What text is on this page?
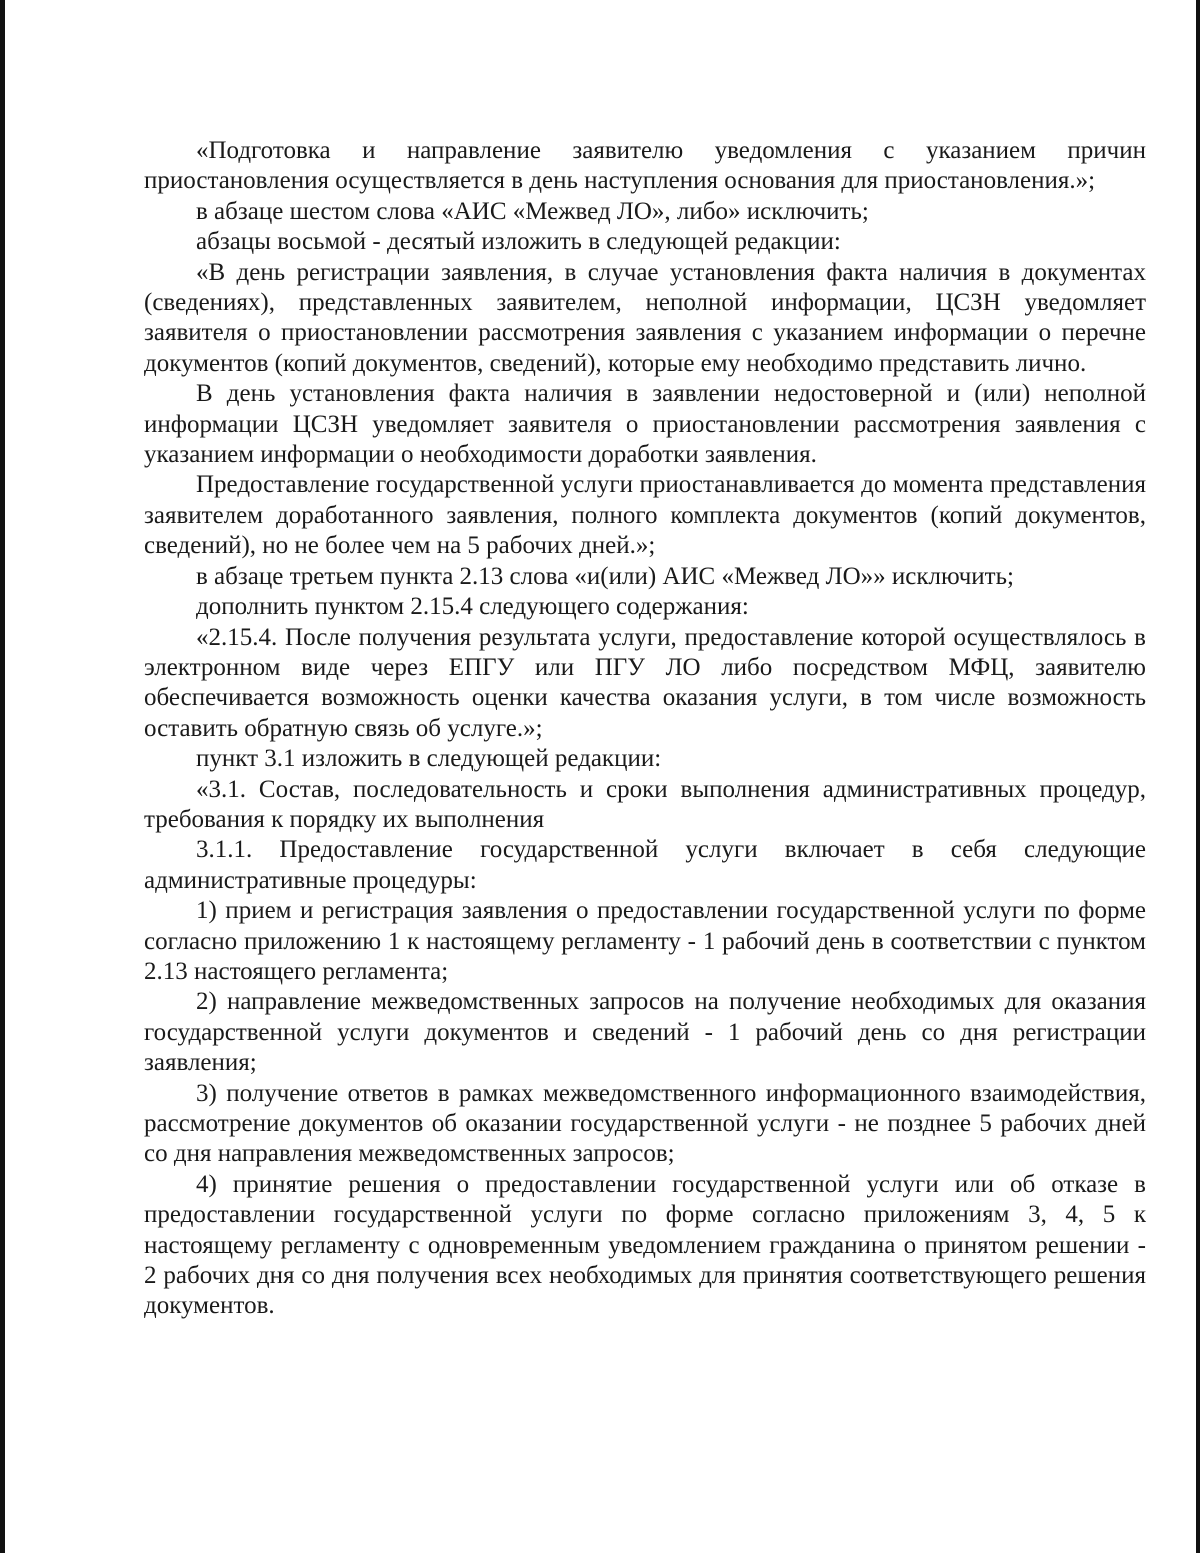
«Подготовка и направление заявителю уведомления с указанием причин приостановления осуществляется в день наступления основания для приостановления.»;

в абзаце шестом слова «АИС «Межвед ЛО», либо» исключить;

абзацы восьмой - десятый изложить в следующей редакции:

«В день регистрации заявления, в случае установления факта наличия в документах (сведениях), представленных заявителем, неполной информации, ЦСЗН уведомляет заявителя о приостановлении рассмотрения заявления с указанием информации о перечне документов (копий документов, сведений), которые ему необходимо представить лично.

В день установления факта наличия в заявлении недостоверной и (или) неполной информации ЦСЗН уведомляет заявителя о приостановлении рассмотрения заявления с указанием информации о необходимости доработки заявления.

Предоставление государственной услуги приостанавливается до момента представления заявителем доработанного заявления, полного комплекта документов (копий документов, сведений), но не более чем на 5 рабочих дней.»;

в абзаце третьем пункта 2.13 слова «и(или) АИС «Межвед ЛО»» исключить;

дополнить пунктом 2.15.4 следующего содержания:

«2.15.4. После получения результата услуги, предоставление которой осуществлялось в электронном виде через ЕПГУ или ПГУ ЛО либо посредством МФЦ, заявителю обеспечивается возможность оценки качества оказания услуги, в том числе возможность оставить обратную связь об услуге.»;

пункт 3.1 изложить в следующей редакции:

«3.1. Состав, последовательность и сроки выполнения административных процедур, требования к порядку их выполнения

3.1.1. Предоставление государственной услуги включает в себя следующие административные процедуры:

1) прием и регистрация заявления о предоставлении государственной услуги по форме согласно приложению 1 к настоящему регламенту - 1 рабочий день в соответствии с пунктом 2.13 настоящего регламента;

2) направление межведомственных запросов на получение необходимых для оказания государственной услуги документов и сведений - 1 рабочий день со дня регистрации заявления;

3) получение ответов в рамках межведомственного информационного взаимодействия, рассмотрение документов об оказании государственной услуги - не позднее 5 рабочих дней со дня направления межведомственных запросов;

4) принятие решения о предоставлении государственной услуги или об отказе в предоставлении государственной услуги по форме согласно приложениям 3, 4, 5 к настоящему регламенту с одновременным уведомлением гражданина о принятом решении - 2 рабочих дня со дня получения всех необходимых для принятия соответствующего решения документов.
